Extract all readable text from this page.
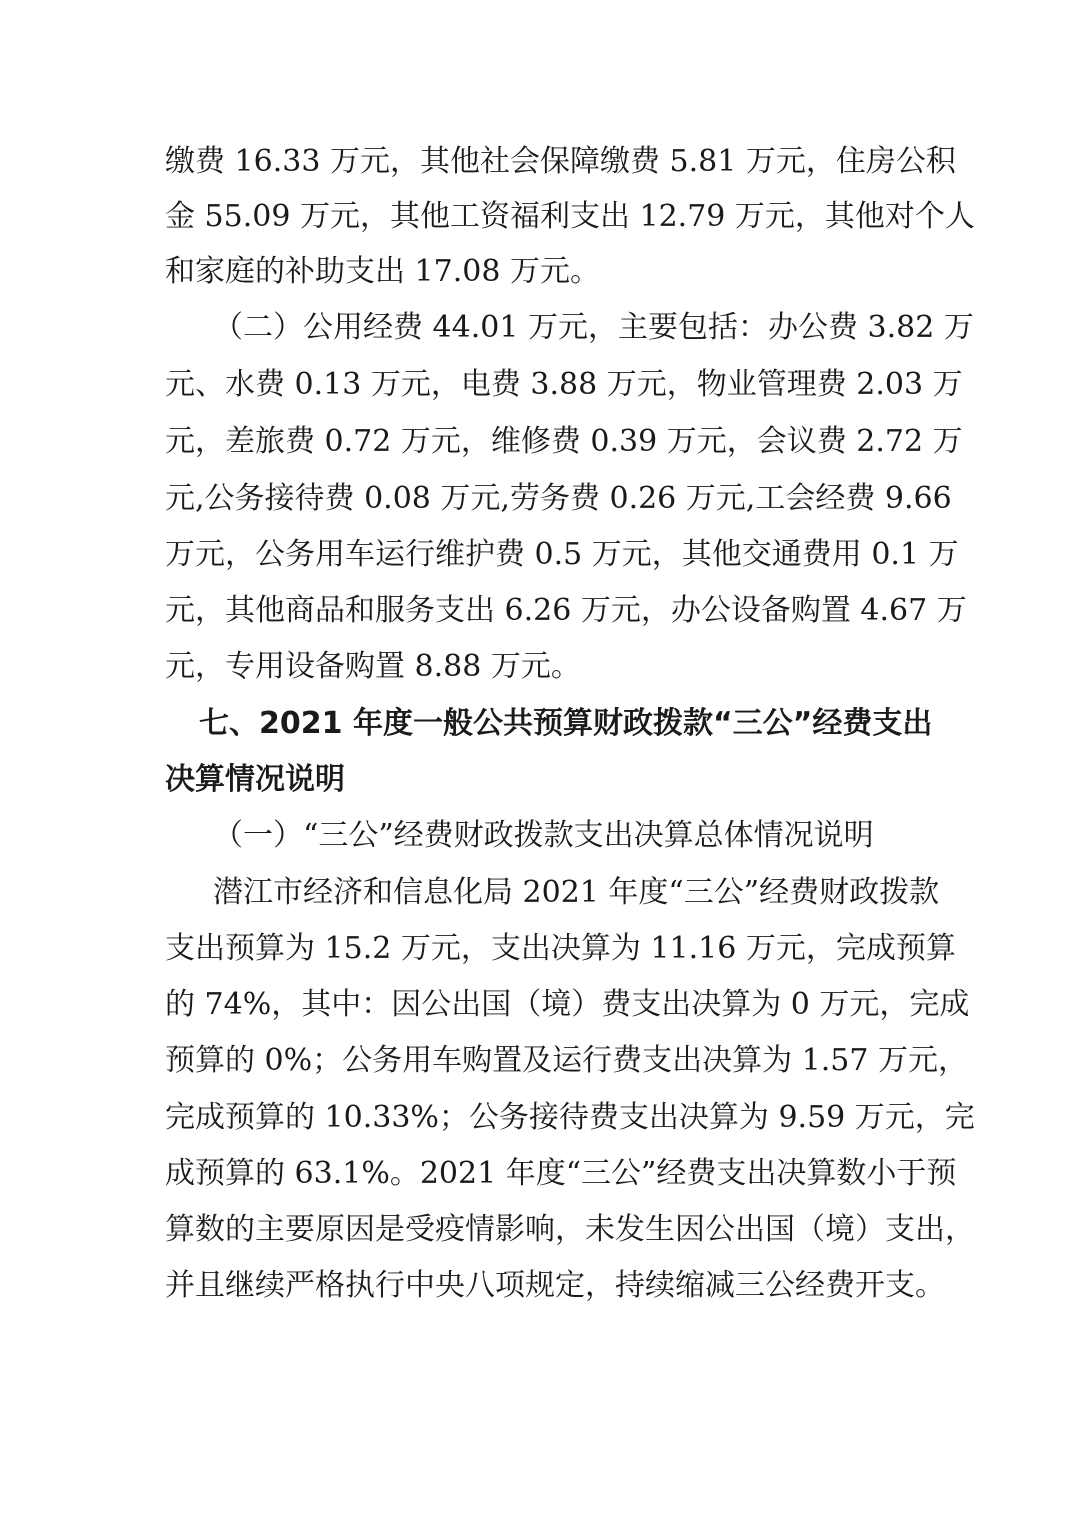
缴费 16.33 万元，其他社会保障缴费 5.81 万元，住房公积
金 55.09 万元，其他工资福利支出 12.79 万元，其他对个人
和家庭的补助支出 17.08 万元。
（二）公用经费 44.01 万元，主要包括：办公费 3.82 万
元、水费 0.13 万元，电费 3.88 万元，物业管理费 2.03 万
元，差旅费 0.72 万元，维修费 0.39 万元，会议费 2.72 万
元,公务接待费 0.08 万元,劳务费 0.26 万元,工会经费 9.66
万元，公务用车运行维护费 0.5 万元，其他交通费用 0.1 万
元，其他商品和服务支出 6.26 万元，办公设备购置 4.67 万
元，专用设备购置 8.88 万元。
七、2021 年度一般公共预算财政拨款“三公”经费支出
决算情况说明
（一）“三公”经费财政拨款支出决算总体情况说明
潜江市经济和信息化局 2021 年度“三公”经费财政拨款
支出预算为 15.2 万元，支出决算为 11.16 万元，完成预算
的 74%，其中：因公出国（境）费支出决算为 0 万元，完成
预算的 0%；公务用车购置及运行费支出决算为 1.57 万元，
完成预算的 10.33%；公务接待费支出决算为 9.59 万元，完
成预算的 63.1%。2021 年度“三公”经费支出决算数小于预
算数的主要原因是受疫情影响，未发生因公出国（境）支出，
并且继续严格执行中央八项规定，持续缩减三公经费开支。
